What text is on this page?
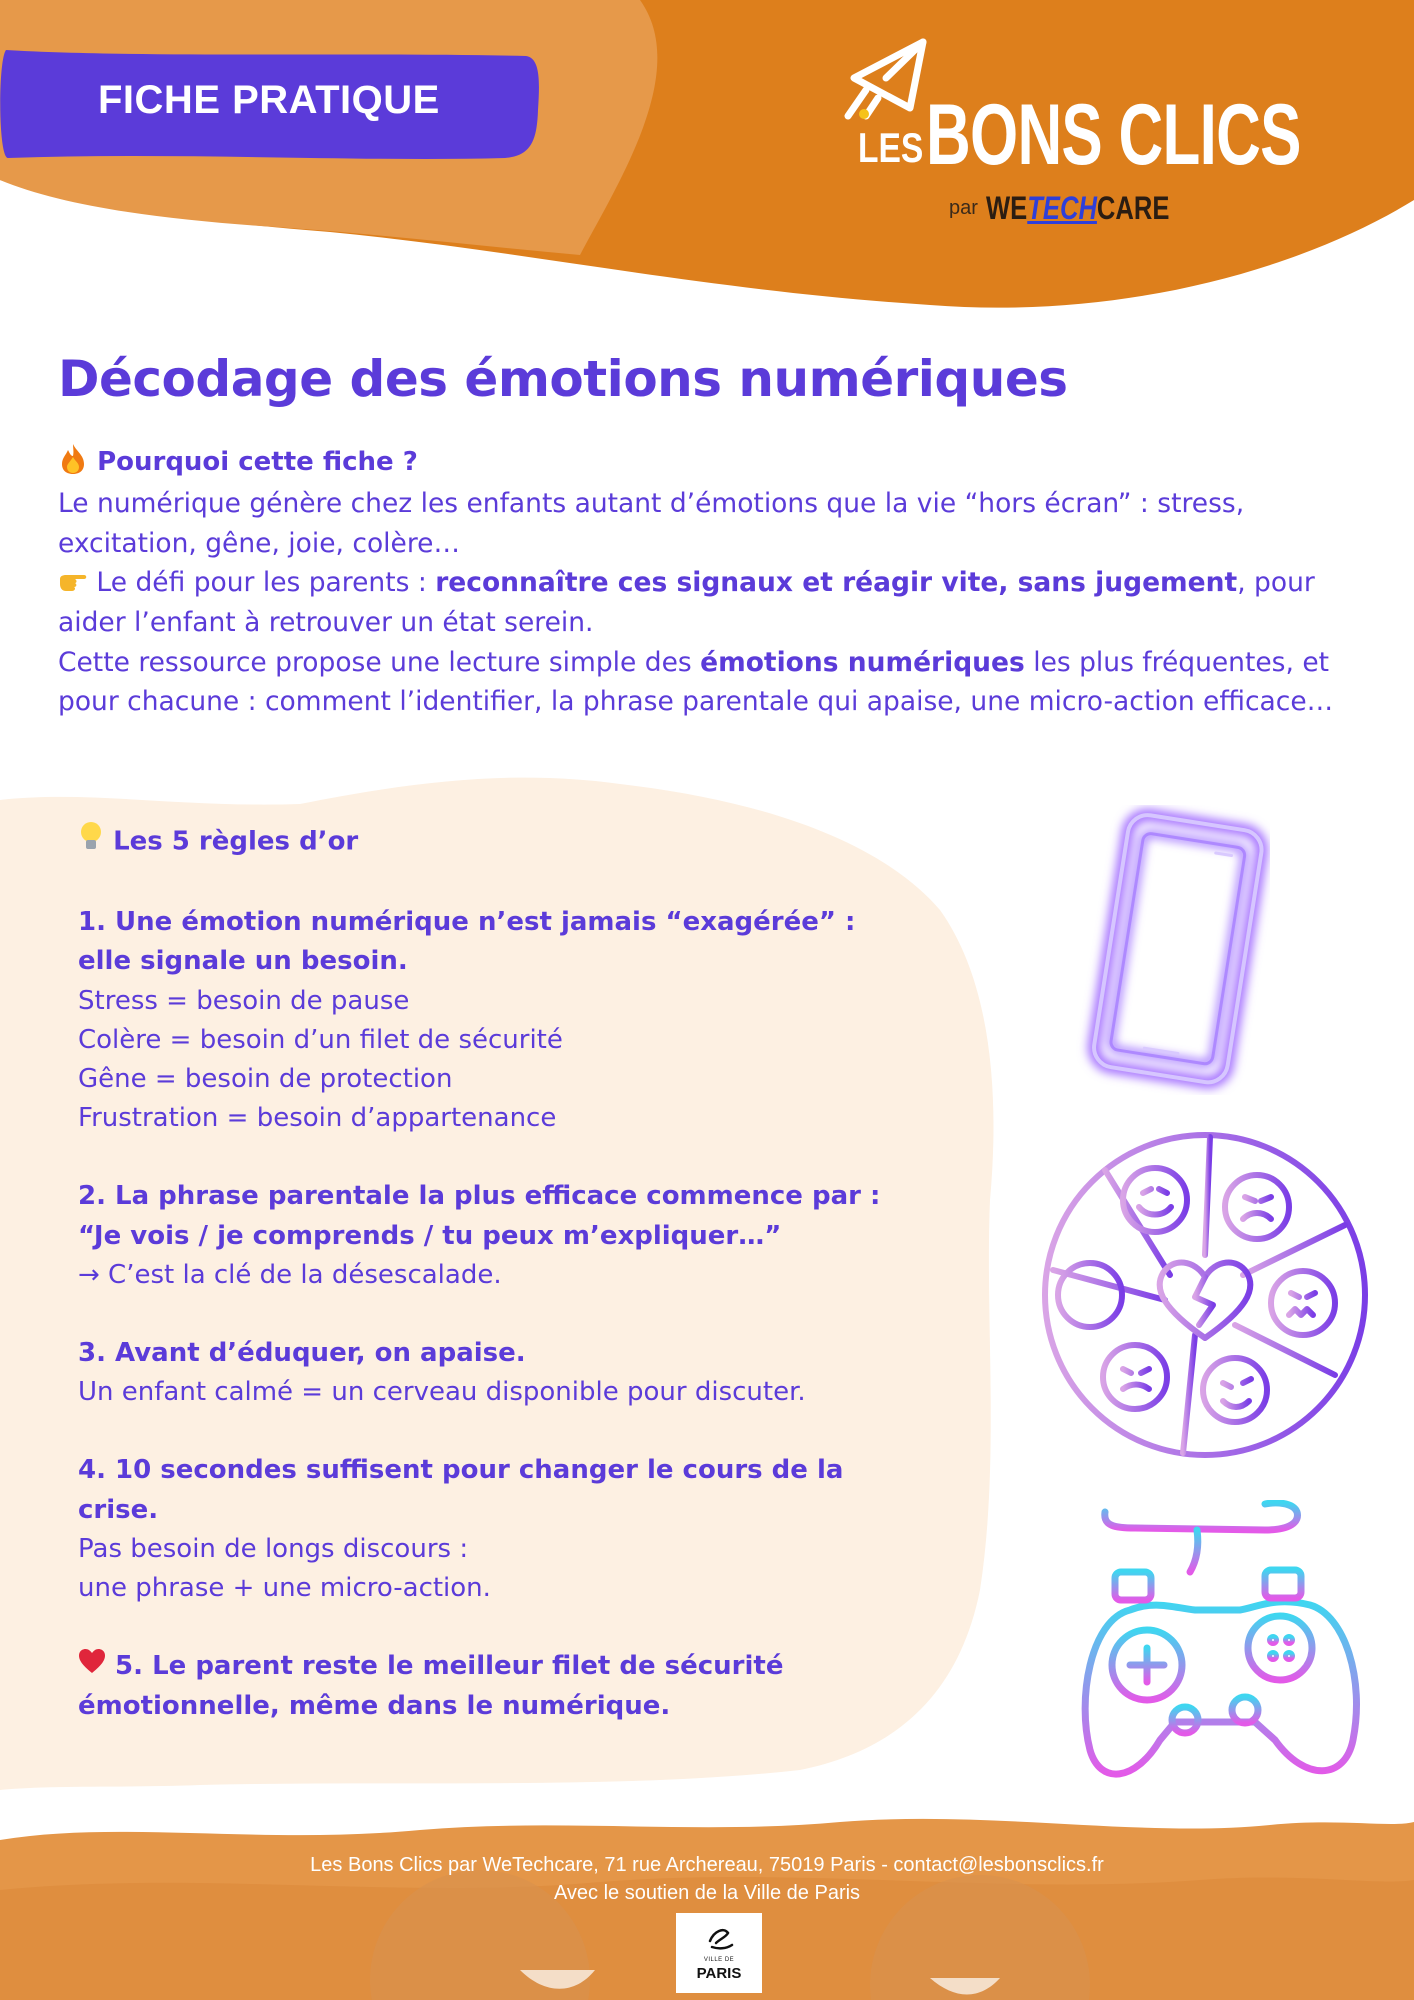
FICHE PRATIQUE
LES BONS CLICS
par WETECHCARE
Décodage des émotions numériques
Pourquoi cette fiche ?

Le numérique génère chez les enfants autant d’émotions que la vie “hors écran” : stress, excitation, gêne, joie, colère…

Le défi pour les parents : reconnaître ces signaux et réagir vite, sans jugement, pour aider l’enfant à retrouver un état serein.

Cette ressource propose une lecture simple des émotions numériques les plus fréquentes, et pour chacune : comment l’identifier, la phrase parentale qui apaise, une micro-action efficace…

Les 5 règles d’or
1. Une émotion numérique n’est jamais “exagérée” :
elle signale un besoin.
Stress = besoin de pause
Colère = besoin d’un filet de sécurité
Gêne = besoin de protection
Frustration = besoin d’appartenance
2. La phrase parentale la plus efficace commence par :
“Je vois / je comprends / tu peux m’expliquer…”
→ C’est la clé de la désescalade.
3. Avant d’éduquer, on apaise.
Un enfant calmé = un cerveau disponible pour discuter.
4. 10 secondes suffisent pour changer le cours de la
crise.
Pas besoin de longs discours :
une phrase + une micro-action.
5. Le parent reste le meilleur filet de sécurité
émotionnelle, même dans le numérique.
Les Bons Clics par WeTechcare, 71 rue Archereau, 75019 Paris - contact@lesbonsclics.fr
Avec le soutien de la Ville de Paris
VILLE DE
PARIS
